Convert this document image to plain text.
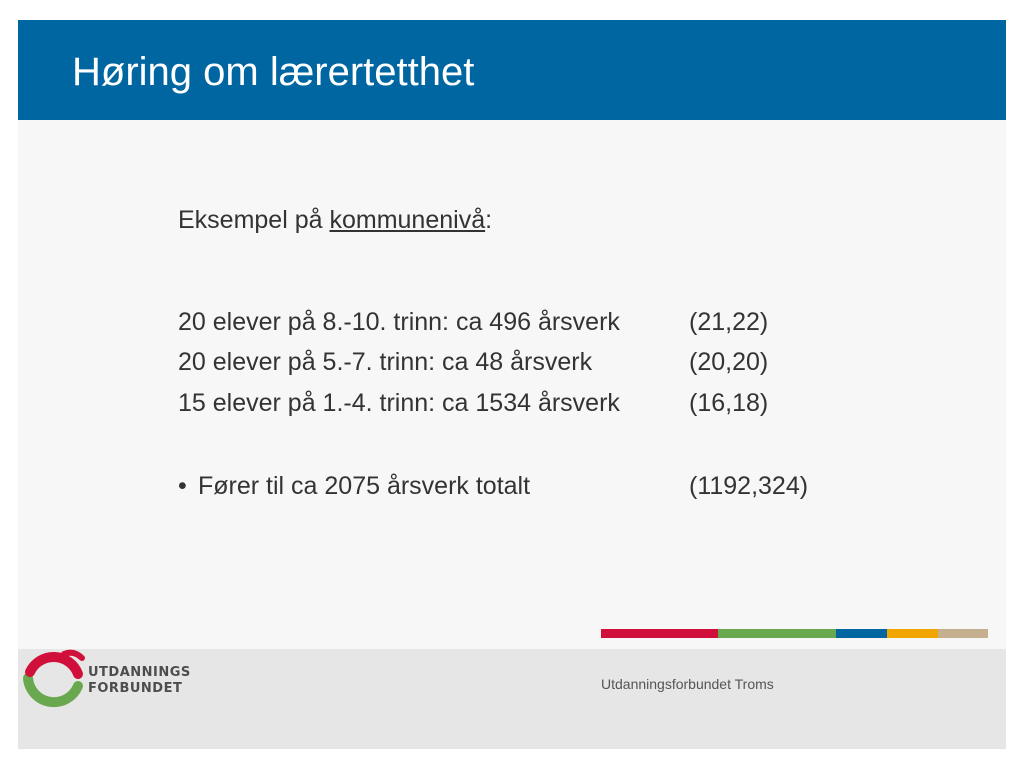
Høring om lærertetthet
Eksempel på kommunenivå:
20 elever på 8.-10. trinn: ca 496 årsverk	(21,22)
20 elever på 5.-7. trinn: ca 48 årsverk	(20,20)
15 elever på 1.-4. trinn: ca 1534 årsverk	(16,18)
• Fører til ca 2075 årsverk totalt	(1192,324)
UTDANNINGS
FORBUNDET	Utdanningsforbundet Troms
